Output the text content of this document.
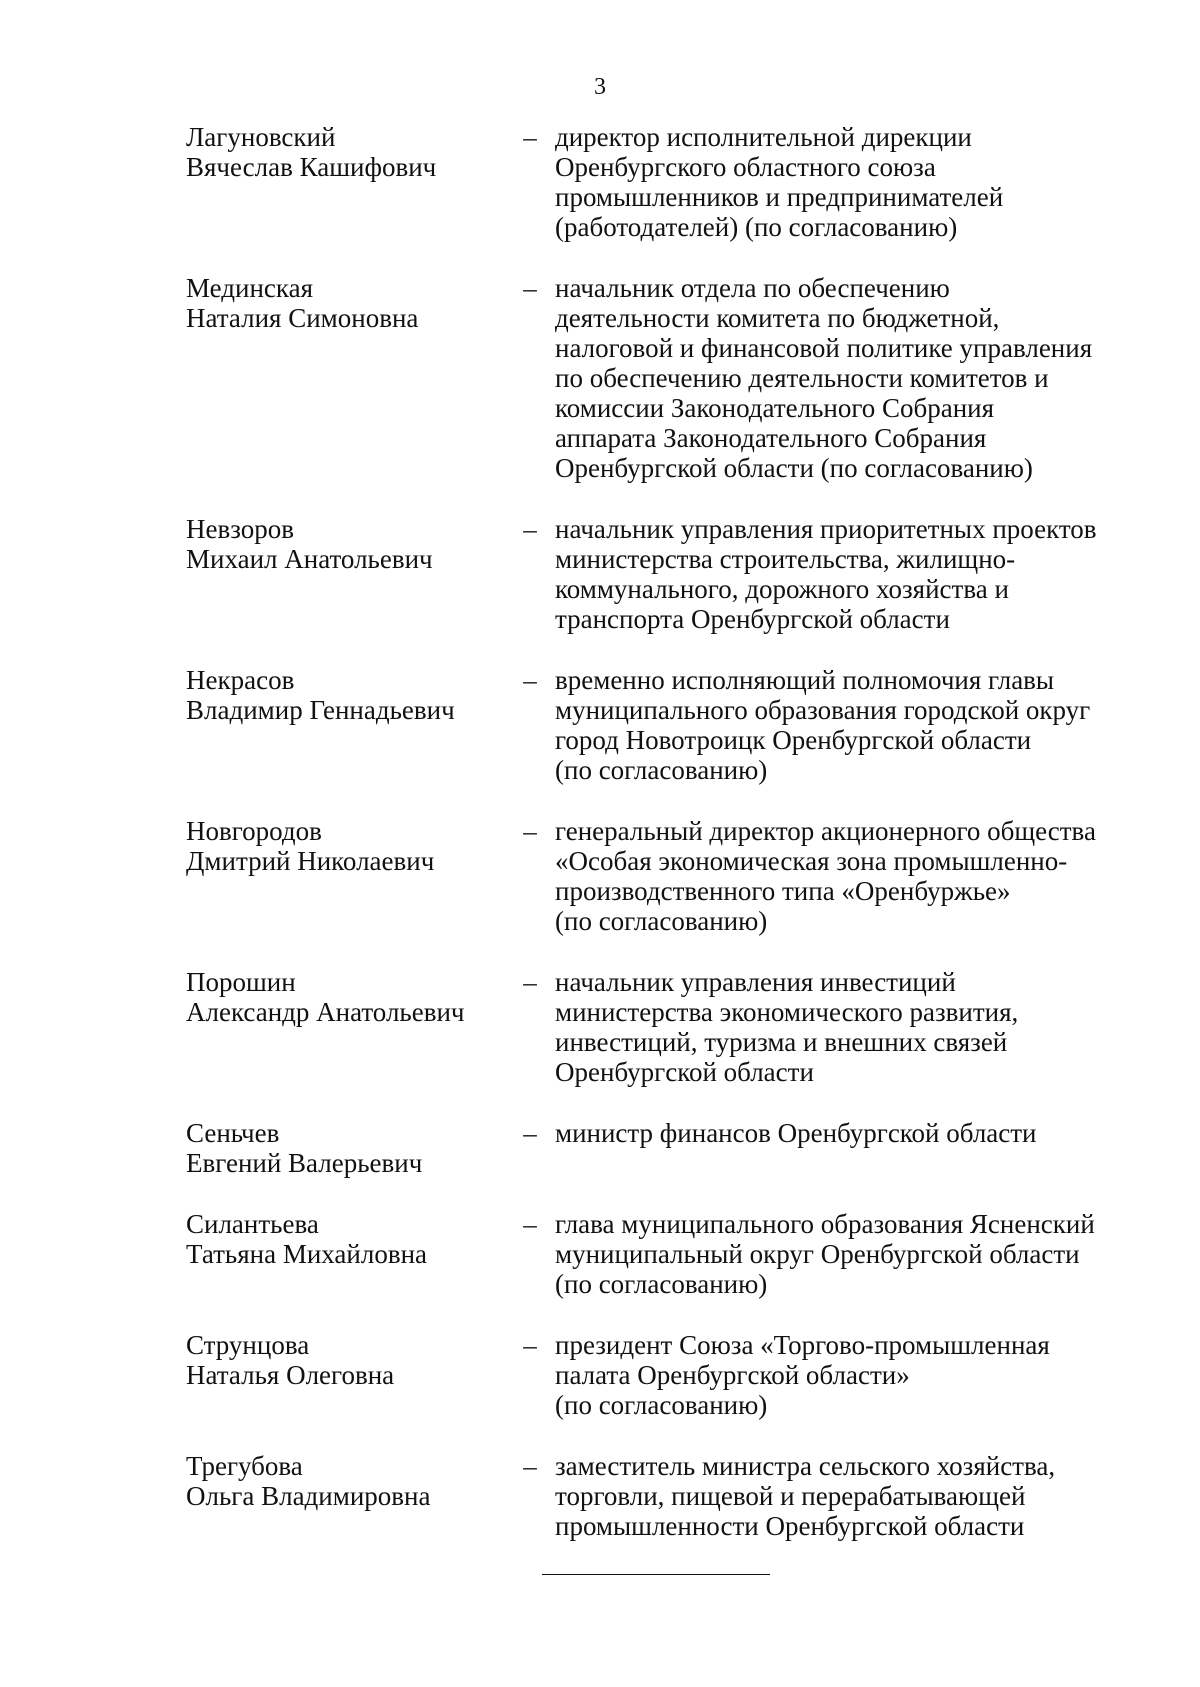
3
Лагуновский
Вячеслав Кашифович
– директор исполнительной дирекции
Оренбургского областного союза
промышленников и предпринимателей
(работодателей) (по согласованию)
Мединская
Наталия Симоновна
– начальник отдела по обеспечению
деятельности комитета по бюджетной,
налоговой и финансовой политике управления
по обеспечению деятельности комитетов и
комиссии Законодательного Собрания
аппарата Законодательного Собрания
Оренбургской области (по согласованию)
Невзоров
Михаил Анатольевич
– начальник управления приоритетных проектов
министерства строительства, жилищно-
коммунального, дорожного хозяйства и
транспорта Оренбургской области
Некрасов
Владимир Геннадьевич
– временно исполняющий полномочия главы
муниципального образования городской округ
город Новотроицк Оренбургской области
(по согласованию)
Новгородов
Дмитрий Николаевич
– генеральный директор акционерного общества
«Особая экономическая зона промышленно-
производственного типа «Оренбуржье»
(по согласованию)
Порошин
Александр Анатольевич
– начальник управления инвестиций
министерства экономического развития,
инвестиций, туризма и внешних связей
Оренбургской области
Сеньчев
Евгений Валерьевич
– министр финансов Оренбургской области
Силантьева
Татьяна Михайловна
– глава муниципального образования Ясненский
муниципальный округ Оренбургской области
(по согласованию)
Струнцова
Наталья Олеговна
– президент Союза «Торгово-промышленная
палата Оренбургской области»
(по согласованию)
Трегубова
Ольга Владимировна
– заместитель министра сельского хозяйства,
торговли, пищевой и перерабатывающей
промышленности Оренбургской области
